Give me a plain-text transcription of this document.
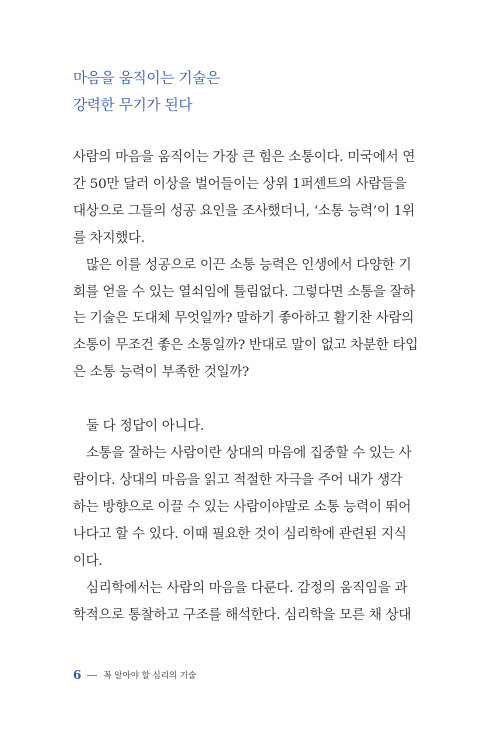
마음을 움직이는 기술은
강력한 무기가 된다
사람의 마음을 움직이는 가장 큰 힘은 소통이다. 미국에서 연
간 50만 달러 이상을 벌어들이는 상위 1퍼센트의 사람들을
대상으로 그들의 성공 요인을 조사했더니, ‘소통 능력’이 1위
를 차지했다.
많은 이를 성공으로 이끈 소통 능력은 인생에서 다양한 기
회를 얻을 수 있는 열쇠임에 틀림없다. 그렇다면 소통을 잘하
는 기술은 도대체 무엇일까? 말하기 좋아하고 활기찬 사람의
소통이 무조건 좋은 소통일까? 반대로 말이 없고 차분한 타입
은 소통 능력이 부족한 것일까?
둘 다 정답이 아니다.
소통을 잘하는 사람이란 상대의 마음에 집중할 수 있는 사
람이다. 상대의 마음을 읽고 적절한 자극을 주어 내가 생각
하는 방향으로 이끌 수 있는 사람이야말로 소통 능력이 뛰어
나다고 할 수 있다. 이때 필요한 것이 심리학에 관련된 지식
이다.
심리학에서는 사람의 마음을 다룬다. 감정의 움직임을 과
학적으로 통찰하고 구조를 해석한다. 심리학을 모른 채 상대
6	꼭 알아야 할 심리의 기술
